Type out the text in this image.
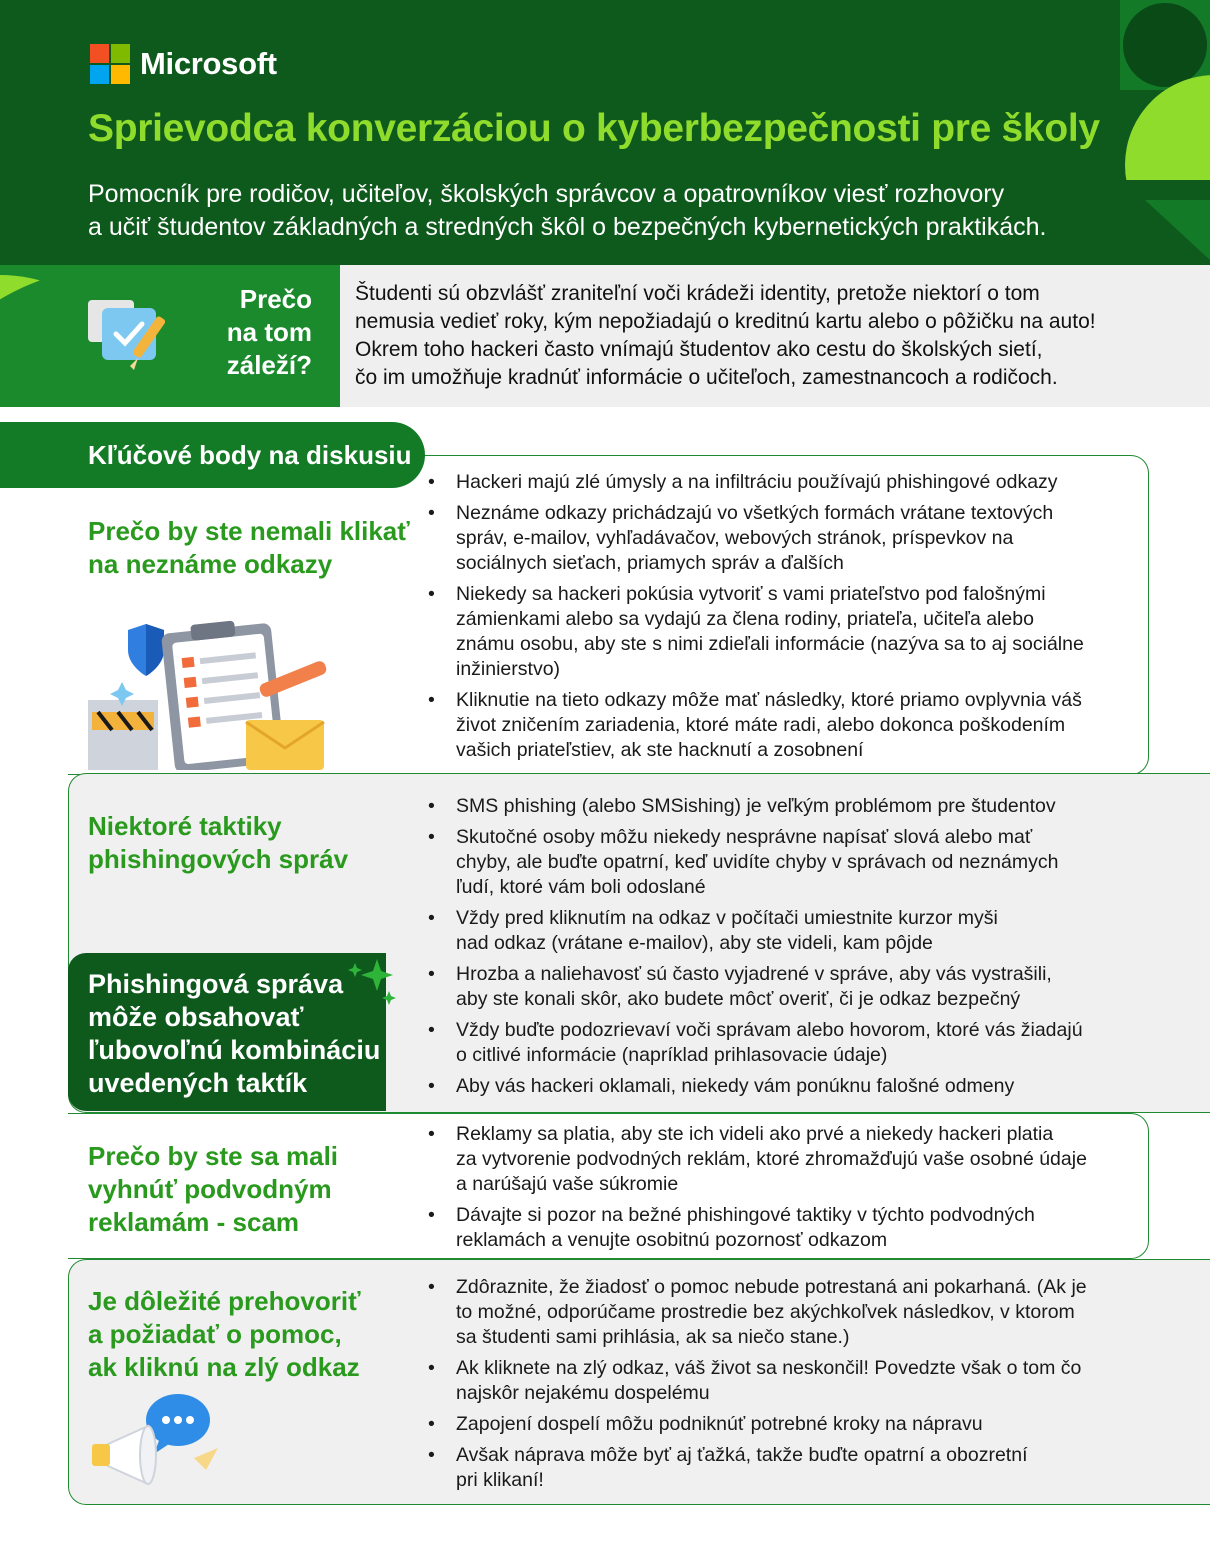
Microsoft
Sprievodca konverzáciou o kyberbezpečnosti pre školy
Pomocník pre rodičov, učiteľov, školských správcov a opatrovníkov viesť rozhovory
a učiť študentov základných a stredných škôl o bezpečných kybernetických praktikách.
Prečo
na tom
záleží?
Študenti sú obzvlášť zraniteľní voči krádeži identity, pretože niektorí o tom
nemusia vedieť roky, kým nepožiadajú o kreditnú kartu alebo o pôžičku na auto!
Okrem toho hackeri často vnímajú študentov ako cestu do školských sietí,
čo im umožňuje kradnúť informácie o učiteľoch, zamestnancoch a rodičoch.
Kľúčové body na diskusiu
Prečo by ste nemali klikať
na neznáme odkazy
• Hackeri majú zlé úmysly a na infiltráciu používajú phishingové odkazy
• Neznáme odkazy prichádzajú vo všetkých formách vrátane textových
správ, e-mailov, vyhľadávačov, webových stránok, príspevkov na
sociálnych sieťach, priamych správ a ďalších
• Niekedy sa hackeri pokúsia vytvoriť s vami priateľstvo pod falošnými
zámienkami alebo sa vydajú za člena rodiny, priateľa, učiteľa alebo
známu osobu, aby ste s nimi zdieľali informácie (nazýva sa to aj sociálne
inžinierstvo)
• Kliknutie na tieto odkazy môže mať následky, ktoré priamo ovplyvnia váš
život zničením zariadenia, ktoré máte radi, alebo dokonca poškodením
vašich priateľstiev, ak ste hacknutí a zosobnení
Niektoré taktiky
phishingových správ
Phishingová správa
môže obsahovať
ľubovoľnú kombináciu
uvedených taktík
• SMS phishing (alebo SMSishing) je veľkým problémom pre študentov
• Skutočné osoby môžu niekedy nesprávne napísať slová alebo mať
chyby, ale buďte opatrní, keď uvidíte chyby v správach od neznámych
ľudí, ktoré vám boli odoslané
• Vždy pred kliknutím na odkaz v počítači umiestnite kurzor myši
nad odkaz (vrátane e-mailov), aby ste videli, kam pôjde
• Hrozba a naliehavosť sú často vyjadrené v správe, aby vás vystrašili,
aby ste konali skôr, ako budete môcť overiť, či je odkaz bezpečný
• Vždy buďte podozrievaví voči správam alebo hovorom, ktoré vás žiadajú
o citlivé informácie (napríklad prihlasovacie údaje)
• Aby vás hackeri oklamali, niekedy vám ponúknu falošné odmeny
Prečo by ste sa mali
vyhnúť podvodným
reklamám - scam
• Reklamy sa platia, aby ste ich videli ako prvé a niekedy hackeri platia
za vytvorenie podvodných reklám, ktoré zhromažďujú vaše osobné údaje
a narúšajú vaše súkromie
• Dávajte si pozor na bežné phishingové taktiky v týchto podvodných
reklamách a venujte osobitnú pozornosť odkazom
Je dôležité prehovoriť
a požiadať o pomoc,
ak kliknú na zlý odkaz
• Zdôraznite, že žiadosť o pomoc nebude potrestaná ani pokarhaná. (Ak je
to možné, odporúčame prostredie bez akýchkoľvek následkov, v ktorom
sa študenti sami prihlásia, ak sa niečo stane.)
• Ak kliknete na zlý odkaz, váš život sa neskončil! Povedzte však o tom čo
najskôr nejakému dospelému
• Zapojení dospelí môžu podniknúť potrebné kroky na nápravu
• Avšak náprava môže byť aj ťažká, takže buďte opatrní a obozretní
pri klikaní!
